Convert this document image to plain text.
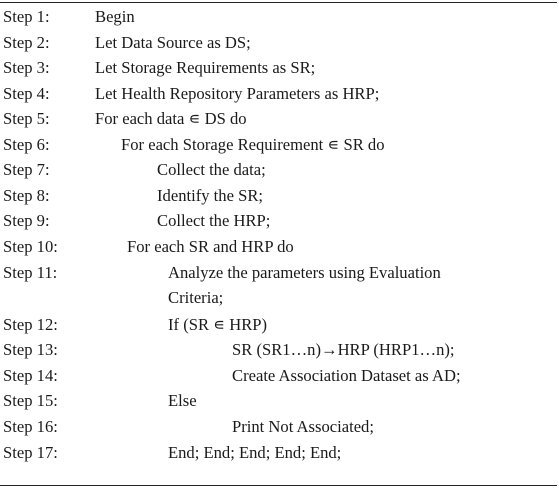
Step 1:	Begin
Step 2:	Let Data Source as DS;
Step 3:	Let Storage Requirements as SR;
Step 4:	Let Health Repository Parameters as HRP;
Step 5:	For each data ∊ DS do
Step 6:	For each Storage Requirement ∊ SR do
Step 7:	Collect the data;
Step 8:	Identify the SR;
Step 9:	Collect the HRP;
Step 10:	For each SR and HRP do
Step 11:	Analyze the parameters using Evaluation
Criteria;
Step 12:	If (SR ∊ HRP)
Step 13:	SR (SR1…n)→HRP (HRP1…n);
Step 14:	Create Association Dataset as AD;
Step 15:	Else
Step 16:	Print Not Associated;
Step 17:	End; End; End; End; End;
